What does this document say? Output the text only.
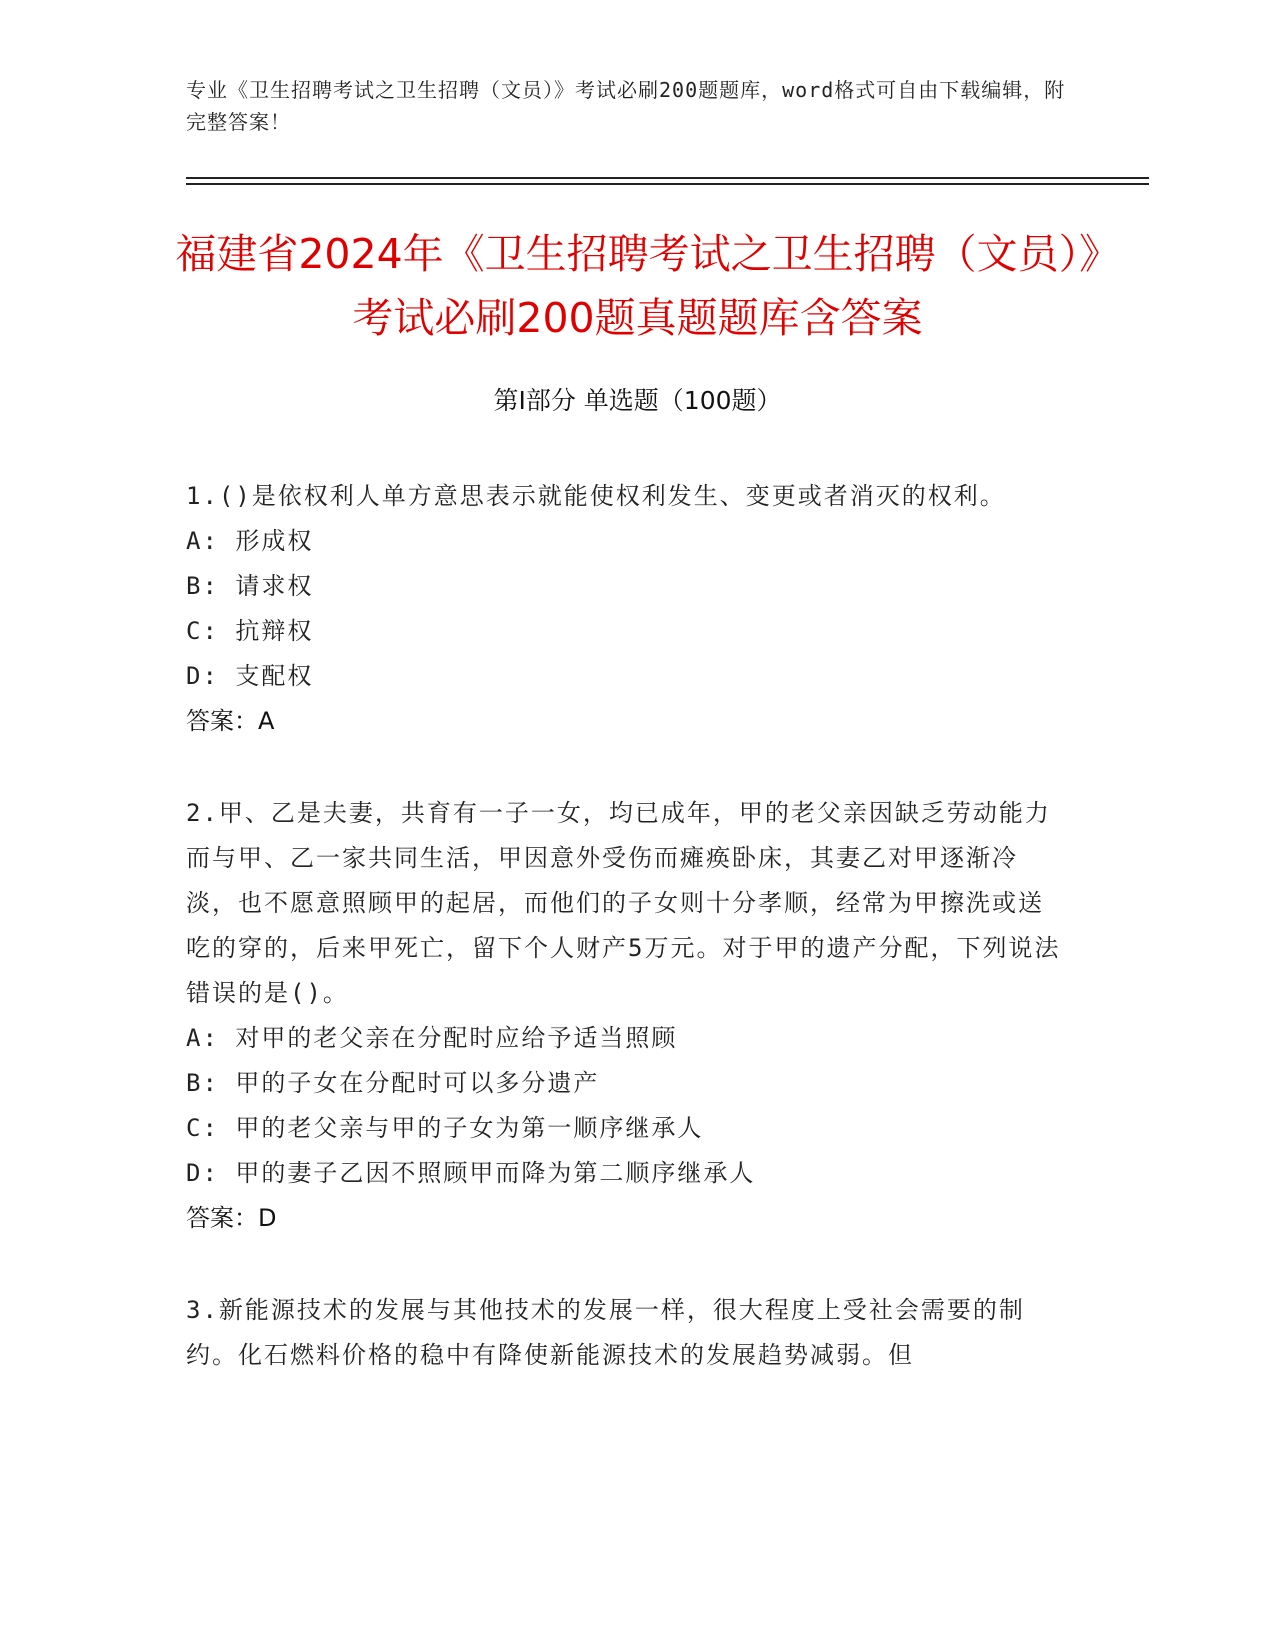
专业《卫生招聘考试之卫生招聘（文员）》考试必刷200题题库，word格式可自由下载编辑，附完整答案！
福建省2024年《卫生招聘考试之卫生招聘（文员）》考试必刷200题真题题库含答案
第I部分 单选题（100题）

1.()是依权利人单方意思表示就能使权利发生、变更或者消灭的权利。

A: 形成权

B: 请求权

C: 抗辩权

D: 支配权

答案：A

2.甲、乙是夫妻，共育有一子一女，均已成年，甲的老父亲因缺乏劳动能力而与甲、乙一家共同生活，甲因意外受伤而瘫痪卧床，其妻乙对甲逐渐冷淡，也不愿意照顾甲的起居，而他们的子女则十分孝顺，经常为甲擦洗或送吃的穿的，后来甲死亡，留下个人财产5万元。对于甲的遗产分配，下列说法错误的是()。

A: 对甲的老父亲在分配时应给予适当照顾

B: 甲的子女在分配时可以多分遗产

C: 甲的老父亲与甲的子女为第一顺序继承人

D: 甲的妻子乙因不照顾甲而降为第二顺序继承人

答案：D

3.新能源技术的发展与其他技术的发展一样，很大程度上受社会需要的制约。化石燃料价格的稳中有降使新能源技术的发展趋势减弱。但
